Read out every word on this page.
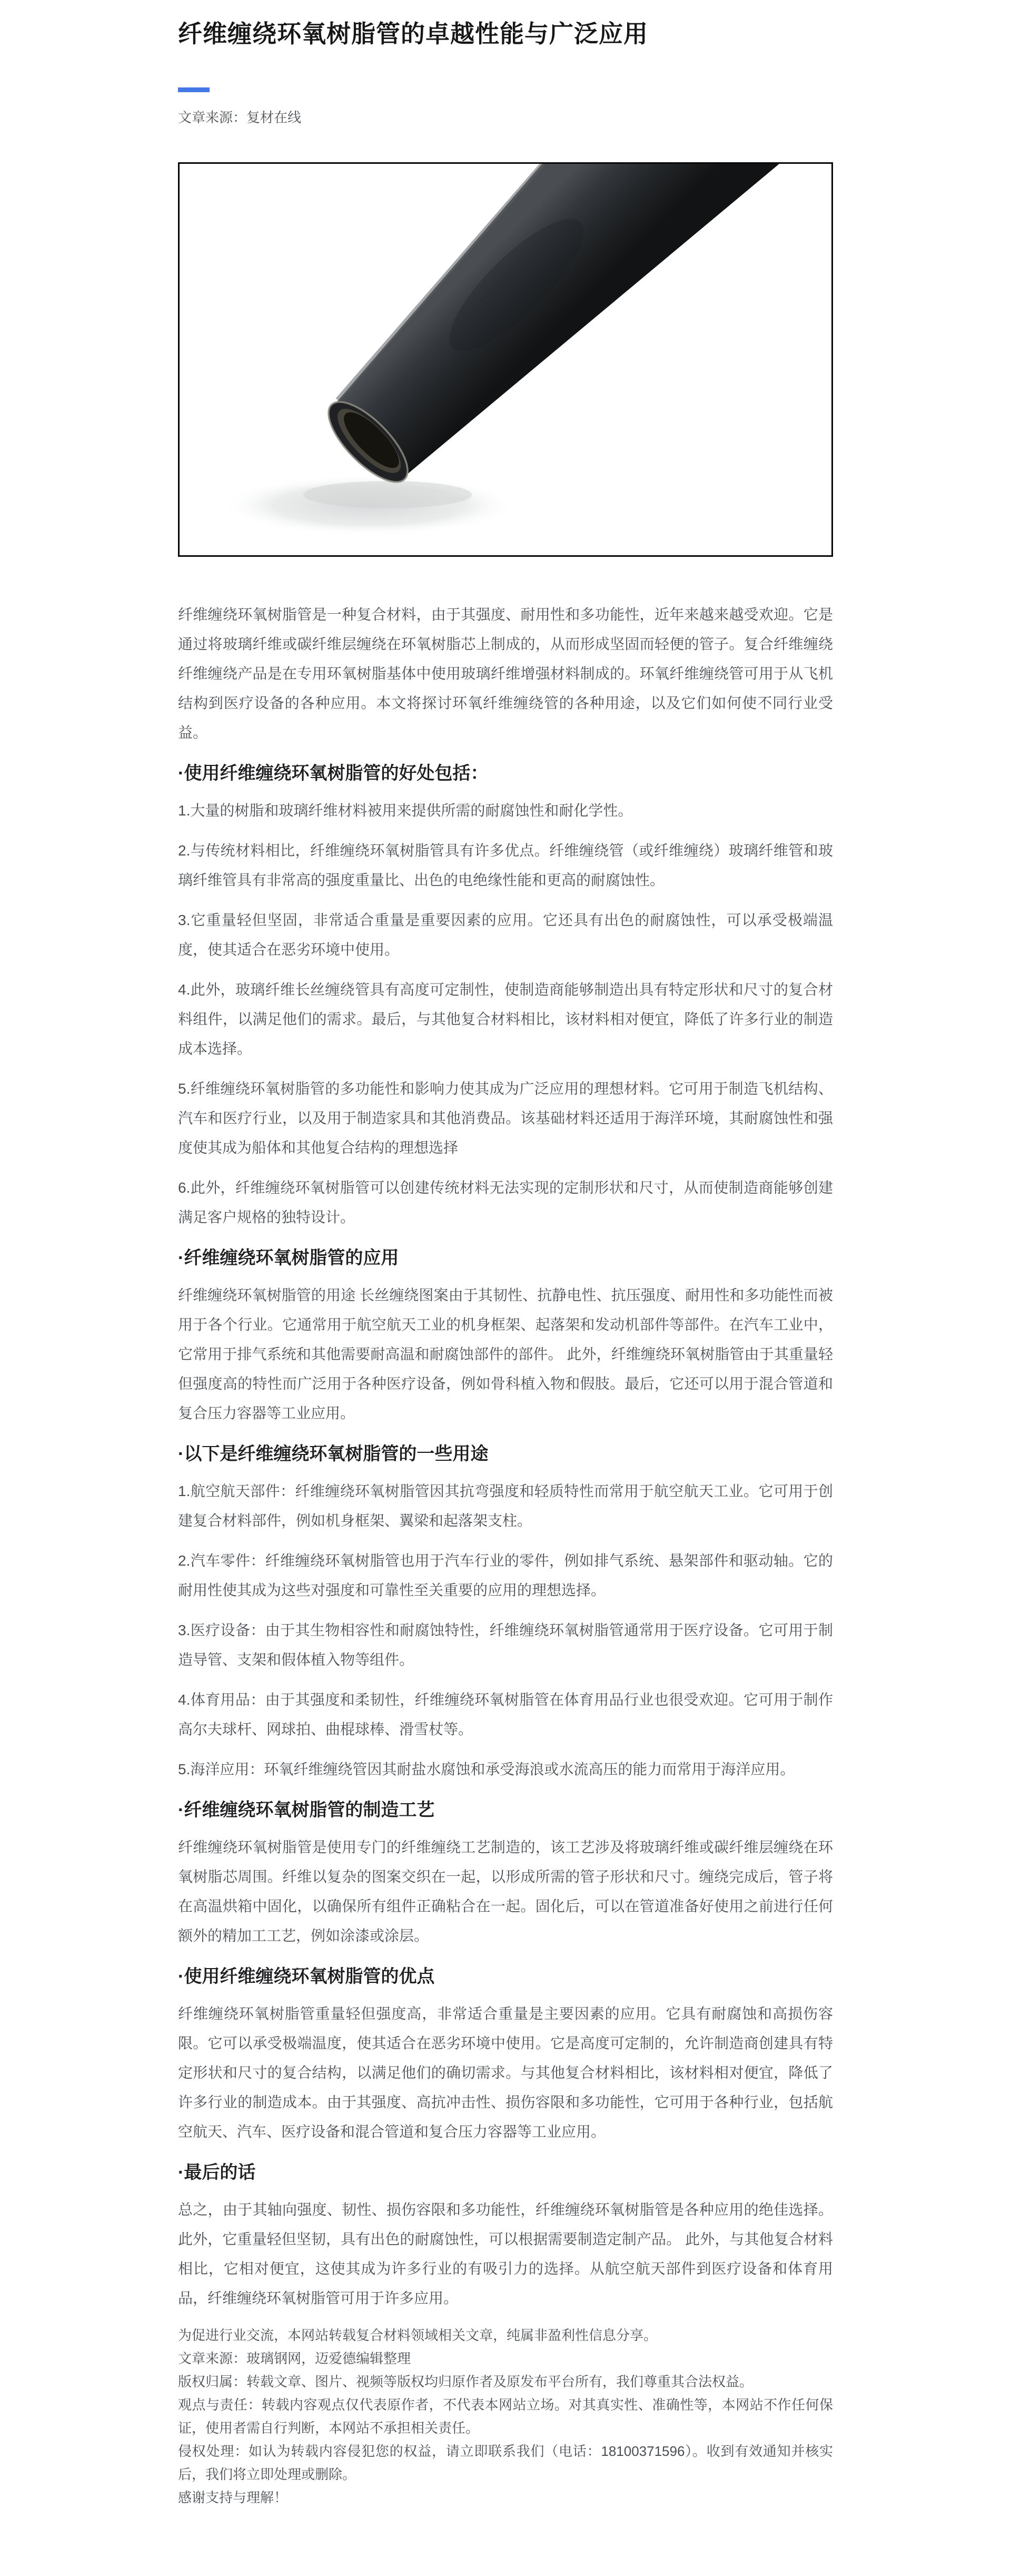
纤维缠绕环氧树脂管的卓越性能与广泛应用
文章来源：复材在线

纤维缠绕环氧树脂管是一种复合材料，由于其强度、耐用性和多功能性，近年来越来越受欢迎。它是通过将玻璃纤维或碳纤维层缠绕在环氧树脂芯上制成的，从而形成坚固而轻便的管子。复合纤维缠绕纤维缠绕产品是在专用环氧树脂基体中使用玻璃纤维增强材料制成的。环氧纤维缠绕管可用于从飞机结构到医疗设备的各种应用。本文将探讨环氧纤维缠绕管的各种用途，以及它们如何使不同行业受益。

·使用纤维缠绕环氧树脂管的好处包括：

1.大量的树脂和玻璃纤维材料被用来提供所需的耐腐蚀性和耐化学性。

2.与传统材料相比，纤维缠绕环氧树脂管具有许多优点。纤维缠绕管（或纤维缠绕）玻璃纤维管和玻璃纤维管具有非常高的强度重量比、出色的电绝缘性能和更高的耐腐蚀性。

3.它重量轻但坚固，非常适合重量是重要因素的应用。它还具有出色的耐腐蚀性，可以承受极端温度，使其适合在恶劣环境中使用。

4.此外，玻璃纤维长丝缠绕管具有高度可定制性，使制造商能够制造出具有特定形状和尺寸的复合材料组件，以满足他们的需求。最后，与其他复合材料相比，该材料相对便宜，降低了许多行业的制造成本选择。

5.纤维缠绕环氧树脂管的多功能性和影响力使其成为广泛应用的理想材料。它可用于制造飞机结构、汽车和医疗行业，以及用于制造家具和其他消费品。该基础材料还适用于海洋环境，其耐腐蚀性和强度使其成为船体和其他复合结构的理想选择

6.此外，纤维缠绕环氧树脂管可以创建传统材料无法实现的定制形状和尺寸，从而使制造商能够创建满足客户规格的独特设计。

·纤维缠绕环氧树脂管的应用

纤维缠绕环氧树脂管的用途 长丝缠绕图案由于其韧性、抗静电性、抗压强度、耐用性和多功能性而被用于各个行业。它通常用于航空航天工业的机身框架、起落架和发动机部件等部件。在汽车工业中，它常用于排气系统和其他需要耐高温和耐腐蚀部件的部件。 此外，纤维缠绕环氧树脂管由于其重量轻但强度高的特性而广泛用于各种医疗设备，例如骨科植入物和假肢。最后，它还可以用于混合管道和复合压力容器等工业应用。

·以下是纤维缠绕环氧树脂管的一些用途

1.航空航天部件：纤维缠绕环氧树脂管因其抗弯强度和轻质特性而常用于航空航天工业。它可用于创建复合材料部件，例如机身框架、翼梁和起落架支柱。

2.汽车零件：纤维缠绕环氧树脂管也用于汽车行业的零件，例如排气系统、悬架部件和驱动轴。它的耐用性使其成为这些对强度和可靠性至关重要的应用的理想选择。

3.医疗设备：由于其生物相容性和耐腐蚀特性，纤维缠绕环氧树脂管通常用于医疗设备。它可用于制造导管、支架和假体植入物等组件。

4.体育用品：由于其强度和柔韧性，纤维缠绕环氧树脂管在体育用品行业也很受欢迎。它可用于制作高尔夫球杆、网球拍、曲棍球棒、滑雪杖等。

5.海洋应用：环氧纤维缠绕管因其耐盐水腐蚀和承受海浪或水流高压的能力而常用于海洋应用。

·纤维缠绕环氧树脂管的制造工艺

纤维缠绕环氧树脂管是使用专门的纤维缠绕工艺制造的，该工艺涉及将玻璃纤维或碳纤维层缠绕在环氧树脂芯周围。纤维以复杂的图案交织在一起，以形成所需的管子形状和尺寸。缠绕完成后，管子将在高温烘箱中固化，以确保所有组件正确粘合在一起。固化后，可以在管道准备好使用之前进行任何额外的精加工工艺，例如涂漆或涂层。

·使用纤维缠绕环氧树脂管的优点

纤维缠绕环氧树脂管重量轻但强度高，非常适合重量是主要因素的应用。它具有耐腐蚀和高损伤容限。它可以承受极端温度，使其适合在恶劣环境中使用。它是高度可定制的，允许制造商创建具有特定形状和尺寸的复合结构，以满足他们的确切需求。与其他复合材料相比，该材料相对便宜，降低了许多行业的制造成本。由于其强度、高抗冲击性、损伤容限和多功能性，它可用于各种行业，包括航空航天、汽车、医疗设备和混合管道和复合压力容器等工业应用。

·最后的话

总之，由于其轴向强度、韧性、损伤容限和多功能性，纤维缠绕环氧树脂管是各种应用的绝佳选择。此外，它重量轻但坚韧，具有出色的耐腐蚀性，可以根据需要制造定制产品。 此外，与其他复合材料相比，它相对便宜，这使其成为许多行业的有吸引力的选择。从航空航天部件到医疗设备和体育用品，纤维缠绕环氧树脂管可用于许多应用。

为促进行业交流，本网站转载复合材料领域相关文章，纯属非盈利性信息分享。

文章来源：玻璃钢网，迈爱德编辑整理

版权归属：转载文章、图片、视频等版权均归原作者及原发布平台所有，我们尊重其合法权益。

观点与责任：转载内容观点仅代表原作者，不代表本网站立场。对其真实性、准确性等，本网站不作任何保证，使用者需自行判断，本网站不承担相关责任。

侵权处理：如认为转载内容侵犯您的权益，请立即联系我们（电话：18100371596）。收到有效通知并核实后，我们将立即处理或删除。

感谢支持与理解！
